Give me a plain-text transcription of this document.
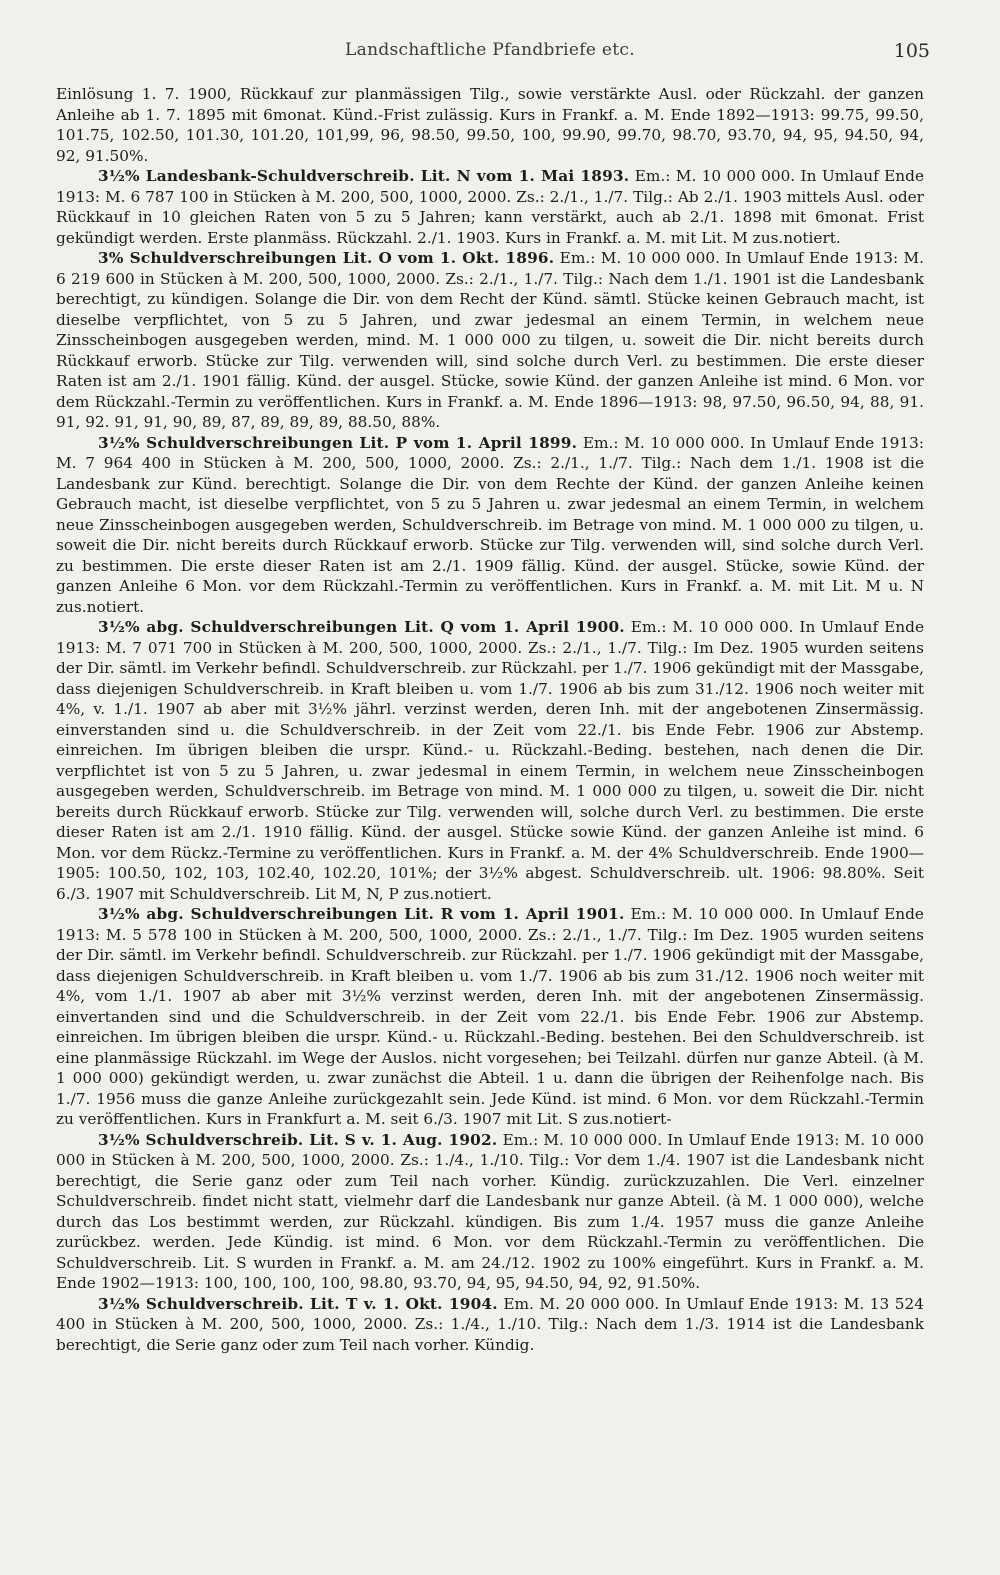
Landschaftliche Pfandbriefe etc.	105

Einlösung 1. 7. 1900, Rückkauf zur planmässigen Tilg., sowie verstärkte Ausl. oder Rückzahl. der ganzen Anleihe ab 1. 7. 1895 mit 6monat. Künd.-Frist zulässig. Kurs in Frankf. a. M. Ende 1892—1913: 99.75, 99.50, 101.75, 102.50, 101.30, 101.20, 101,99, 96, 98.50, 99.50, 100, 99.90, 99.70, 98.70, 93.70, 94, 95, 94.50, 94, 92, 91.50%.

3½% Landesbank-Schuldverschreib. Lit. N vom 1. Mai 1893. Em.: M. 10 000 000. In Umlauf Ende 1913: M. 6 787 100 in Stücken à M. 200, 500, 1000, 2000. Zs.: 2./1., 1./7. Tilg.: Ab 2./1. 1903 mittels Ausl. oder Rückkauf in 10 gleichen Raten von 5 zu 5 Jahren; kann verstärkt, auch ab 2./1. 1898 mit 6monat. Frist gekündigt werden. Erste planmäss. Rückzahl. 2./1. 1903. Kurs in Frankf. a. M. mit Lit. M zus.notiert.

3% Schuldverschreibungen Lit. O vom 1. Okt. 1896. Em.: M. 10 000 000. In Umlauf Ende 1913: M. 6 219 600 in Stücken à M. 200, 500, 1000, 2000. Zs.: 2./1., 1./7. Tilg.: Nach dem 1./1. 1901 ist die Landesbank berechtigt, zu kündigen. Solange die Dir. von dem Recht der Künd. sämtl. Stücke keinen Gebrauch macht, ist dieselbe verpflichtet, von 5 zu 5 Jahren, und zwar jedesmal an einem Termin, in welchem neue Zinsscheinbogen ausgegeben werden, mind. M. 1 000 000 zu tilgen, u. soweit die Dir. nicht bereits durch Rückkauf erworb. Stücke zur Tilg. verwenden will, sind solche durch Verl. zu bestimmen. Die erste dieser Raten ist am 2./1. 1901 fällig. Künd. der ausgel. Stücke, sowie Künd. der ganzen Anleihe ist mind. 6 Mon. vor dem Rückzahl.-Termin zu veröffentlichen. Kurs in Frankf. a. M. Ende 1896—1913: 98, 97.50, 96.50, 94, 88, 91. 91, 92. 91, 91, 90, 89, 87, 89, 89, 89, 88.50, 88%.

3½% Schuldverschreibungen Lit. P vom 1. April 1899. Em.: M. 10 000 000. In Umlauf Ende 1913: M. 7 964 400 in Stücken à M. 200, 500, 1000, 2000. Zs.: 2./1., 1./7. Tilg.: Nach dem 1./1. 1908 ist die Landesbank zur Künd. berechtigt. Solange die Dir. von dem Rechte der Künd. der ganzen Anleihe keinen Gebrauch macht, ist dieselbe verpflichtet, von 5 zu 5 Jahren u. zwar jedesmal an einem Termin, in welchem neue Zinsscheinbogen ausgegeben werden, Schuldverschreib. im Betrage von mind. M. 1 000 000 zu tilgen, u. soweit die Dir. nicht bereits durch Rückkauf erworb. Stücke zur Tilg. verwenden will, sind solche durch Verl. zu bestimmen. Die erste dieser Raten ist am 2./1. 1909 fällig. Künd. der ausgel. Stücke, sowie Künd. der ganzen Anleihe 6 Mon. vor dem Rückzahl.-Termin zu veröffentlichen. Kurs in Frankf. a. M. mit Lit. M u. N zus.notiert.

3½% abg. Schuldverschreibungen Lit. Q vom 1. April 1900. Em.: M. 10 000 000. In Umlauf Ende 1913: M. 7 071 700 in Stücken à M. 200, 500, 1000, 2000. Zs.: 2./1., 1./7. Tilg.: Im Dez. 1905 wurden seitens der Dir. sämtl. im Verkehr befindl. Schuldverschreib. zur Rückzahl. per 1./7. 1906 gekündigt mit der Massgabe, dass diejenigen Schuldverschreib. in Kraft bleiben u. vom 1./7. 1906 ab bis zum 31./12. 1906 noch weiter mit 4%, v. 1./1. 1907 ab aber mit 3½% jährl. verzinst werden, deren Inh. mit der angebotenen Zinsermässig. einverstanden sind u. die Schuldverschreib. in der Zeit vom 22./1. bis Ende Febr. 1906 zur Abstemp. einreichen. Im übrigen bleiben die urspr. Künd.- u. Rückzahl.-Beding. bestehen, nach denen die Dir. verpflichtet ist von 5 zu 5 Jahren, u. zwar jedesmal in einem Termin, in welchem neue Zinsscheinbogen ausgegeben werden, Schuldverschreib. im Betrage von mind. M. 1 000 000 zu tilgen, u. soweit die Dir. nicht bereits durch Rückkauf erworb. Stücke zur Tilg. verwenden will, solche durch Verl. zu bestimmen. Die erste dieser Raten ist am 2./1. 1910 fällig. Künd. der ausgel. Stücke sowie Künd. der ganzen Anleihe ist mind. 6 Mon. vor dem Rückz.-Termine zu veröffentlichen. Kurs in Frankf. a. M. der 4% Schuldverschreib. Ende 1900—1905: 100.50, 102, 103, 102.40, 102.20, 101%; der 3½% abgest. Schuldverschreib. ult. 1906: 98.80%. Seit 6./3. 1907 mit Schuldverschreib. Lit M, N, P zus.notiert.

3½% abg. Schuldverschreibungen Lit. R vom 1. April 1901. Em.: M. 10 000 000. In Umlauf Ende 1913: M. 5 578 100 in Stücken à M. 200, 500, 1000, 2000. Zs.: 2./1., 1./7. Tilg.: Im Dez. 1905 wurden seitens der Dir. sämtl. im Verkehr befindl. Schuldverschreib. zur Rückzahl. per 1./7. 1906 gekündigt mit der Massgabe, dass diejenigen Schuldverschreib. in Kraft bleiben u. vom 1./7. 1906 ab bis zum 31./12. 1906 noch weiter mit 4%, vom 1./1. 1907 ab aber mit 3½% verzinst werden, deren Inh. mit der angebotenen Zinsermässig. einvertanden sind und die Schuldverschreib. in der Zeit vom 22./1. bis Ende Febr. 1906 zur Abstemp. einreichen. Im übrigen bleiben die urspr. Künd.- u. Rückzahl.-Beding. bestehen. Bei den Schuldverschreib. ist eine planmässige Rückzahl. im Wege der Auslos. nicht vorgesehen; bei Teilzahl. dürfen nur ganze Abteil. (à M. 1 000 000) gekündigt werden, u. zwar zunächst die Abteil. 1 u. dann die übrigen der Reihenfolge nach. Bis 1./7. 1956 muss die ganze Anleihe zurückgezahlt sein. Jede Künd. ist mind. 6 Mon. vor dem Rückzahl.-Termin zu veröffentlichen. Kurs in Frankfurt a. M. seit 6./3. 1907 mit Lit. S zus.notiert-

3½% Schuldverschreib. Lit. S v. 1. Aug. 1902. Em.: M. 10 000 000. In Umlauf Ende 1913: M. 10 000 000 in Stücken à M. 200, 500, 1000, 2000. Zs.: 1./4., 1./10. Tilg.: Vor dem 1./4. 1907 ist die Landesbank nicht berechtigt, die Serie ganz oder zum Teil nach vorher. Kündig. zurückzuzahlen. Die Verl. einzelner Schuldverschreib. findet nicht statt, vielmehr darf die Landesbank nur ganze Abteil. (à M. 1 000 000), welche durch das Los bestimmt werden, zur Rückzahl. kündigen. Bis zum 1./4. 1957 muss die ganze Anleihe zurückbez. werden. Jede Kündig. ist mind. 6 Mon. vor dem Rückzahl.-Termin zu veröffentlichen. Die Schuldverschreib. Lit. S wurden in Frankf. a. M. am 24./12. 1902 zu 100% eingeführt. Kurs in Frankf. a. M. Ende 1902—1913: 100, 100, 100, 100, 98.80, 93.70, 94, 95, 94.50, 94, 92, 91.50%.

3½% Schuldverschreib. Lit. T v. 1. Okt. 1904. Em. M. 20 000 000. In Umlauf Ende 1913: M. 13 524 400 in Stücken à M. 200, 500, 1000, 2000. Zs.: 1./4., 1./10. Tilg.: Nach dem 1./3. 1914 ist die Landesbank berechtigt, die Serie ganz oder zum Teil nach vorher. Kündig.
